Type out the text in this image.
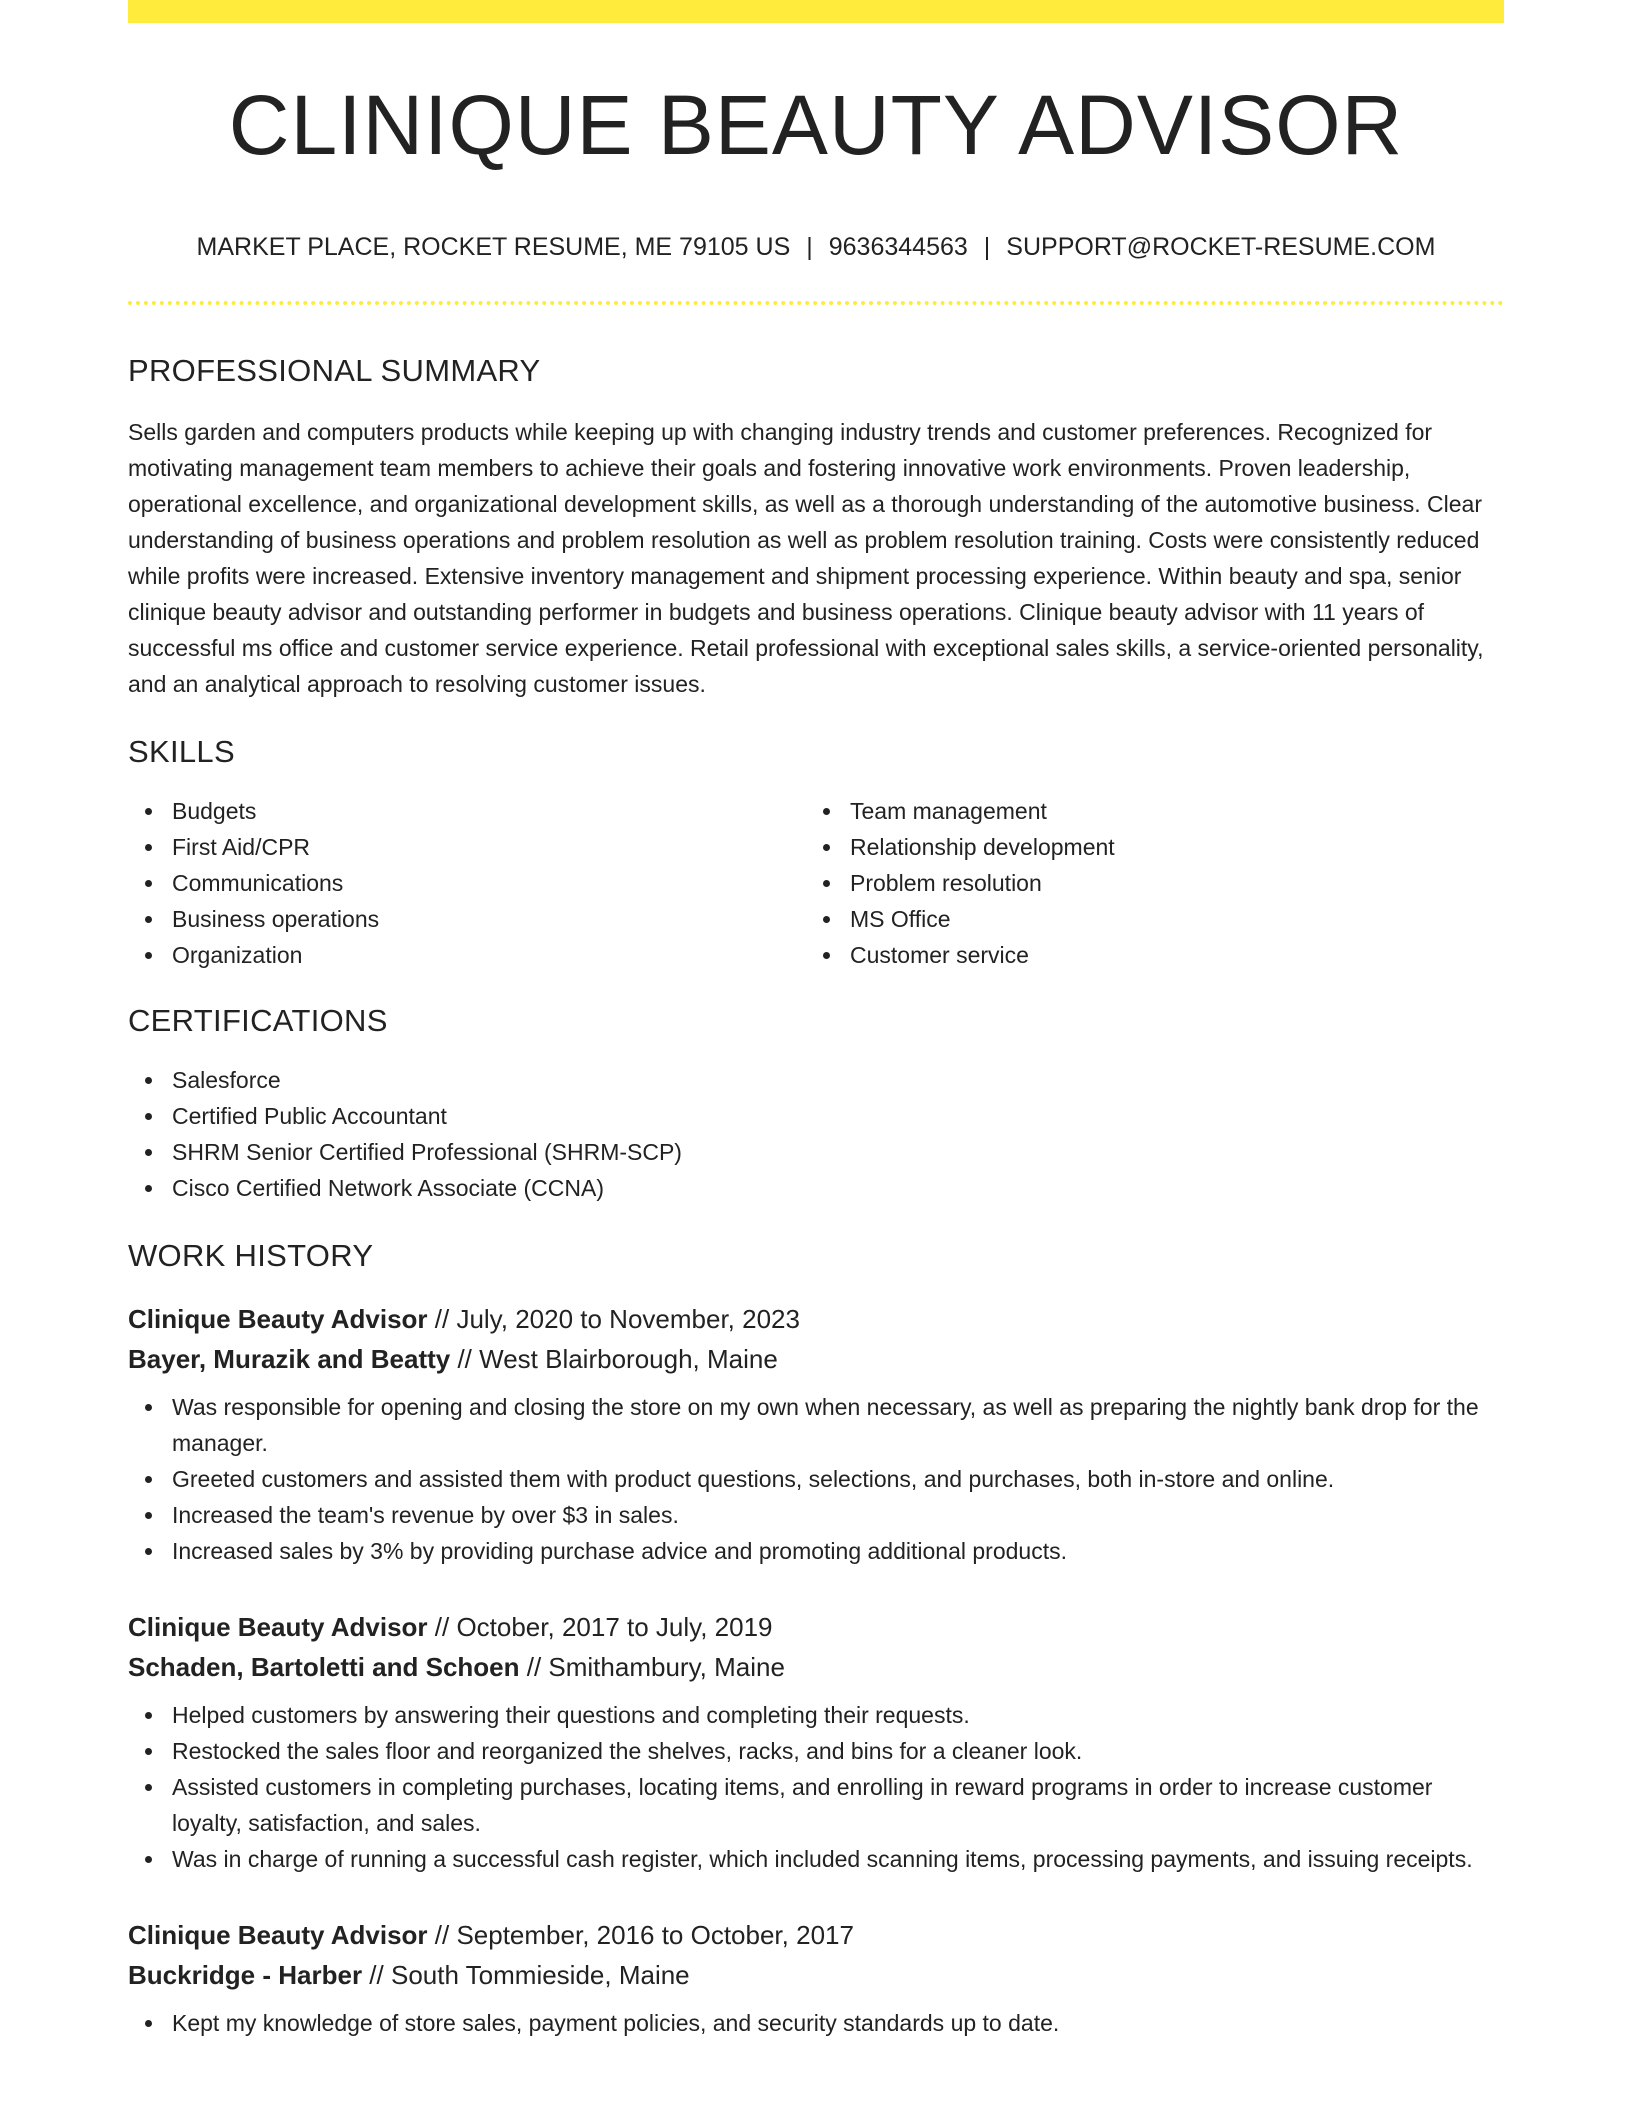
CLINIQUE BEAUTY ADVISOR
MARKET PLACE, ROCKET RESUME, ME 79105 US | 9636344563 | SUPPORT@ROCKET-RESUME.COM
PROFESSIONAL SUMMARY

Sells garden and computers products while keeping up with changing industry trends and customer preferences. Recognized for motivating management team members to achieve their goals and fostering innovative work environments. Proven leadership, operational excellence, and organizational development skills, as well as a thorough understanding of the automotive business. Clear understanding of business operations and problem resolution as well as problem resolution training. Costs were consistently reduced while profits were increased. Extensive inventory management and shipment processing experience. Within beauty and spa, senior clinique beauty advisor and outstanding performer in budgets and business operations. Clinique beauty advisor with 11 years of successful ms office and customer service experience. Retail professional with exceptional sales skills, a service-oriented personality, and an analytical approach to resolving customer issues.

SKILLS
Budgets
First Aid/CPR
Communications
Business operations
Organization
Team management
Relationship development
Problem resolution
MS Office
Customer service
CERTIFICATIONS
Salesforce
Certified Public Accountant
SHRM Senior Certified Professional (SHRM-SCP)
Cisco Certified Network Associate (CCNA)
WORK HISTORY
Clinique Beauty Advisor // July, 2020 to November, 2023
Bayer, Murazik and Beatty // West Blairborough, Maine
Was responsible for opening and closing the store on my own when necessary, as well as preparing the nightly bank drop for the manager.
Greeted customers and assisted them with product questions, selections, and purchases, both in-store and online.
Increased the team's revenue by over $3 in sales.
Increased sales by 3% by providing purchase advice and promoting additional products.
Clinique Beauty Advisor // October, 2017 to July, 2019
Schaden, Bartoletti and Schoen // Smithambury, Maine
Helped customers by answering their questions and completing their requests.
Restocked the sales floor and reorganized the shelves, racks, and bins for a cleaner look.
Assisted customers in completing purchases, locating items, and enrolling in reward programs in order to increase customer loyalty, satisfaction, and sales.
Was in charge of running a successful cash register, which included scanning items, processing payments, and issuing receipts.
Clinique Beauty Advisor // September, 2016 to October, 2017
Buckridge - Harber // South Tommieside, Maine
Kept my knowledge of store sales, payment policies, and security standards up to date.
